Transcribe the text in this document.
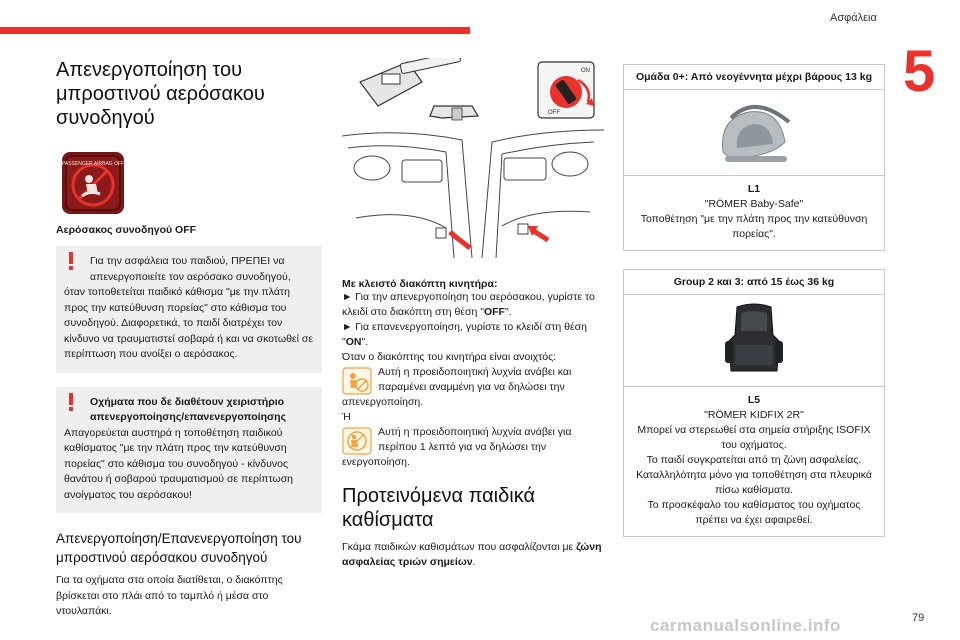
Ασφάλεια
5
Απενεργοποίηση του μπροστινού αερόσακου συνοδηγού
PASSENGER AIRBAG OFF
Αερόσακος συνοδηγού OFF
Για την ασφάλεια του παιδιού, ΠΡΕΠΕΙ να απενεργοποιείτε τον αερόσακο συνοδηγού,
όταν τοποθετείται παιδικό κάθισμα "με την πλάτη προς την κατεύθυνση πορείας" στο κάθισμα του συνοδηγού. Διαφορετικά, το παιδί διατρέχει τον κίνδυνο να τραυματιστεί σοβαρά ή και να σκοτωθεί σε περίπτωση που ανοίξει ο αερόσακος.
Οχήματα που δε διαθέτουν χειριστήριο απενεργοποίησης/επανενεργοποίησης
Απαγορεύεται αυστηρά η τοποθέτηση παιδικού καθίσματος "με την πλάτη προς την κατεύθυνση πορείας" στο κάθισμα του συνοδηγού - κίνδυνος θανάτου ή σοβαρού τραυματισμού σε περίπτωση ανοίγματος του αερόσακου!
Απενεργοποίηση/Επανενεργοποίηση του μπροστινού αερόσακου συνοδηγού

Για τα οχήματα στα οποία διατίθεται, ο διακόπτης βρίσκεται στο πλάι από το ταμπλό ή μέσα στο ντουλαπάκι.

ON
OFF
Με κλειστό διακόπτη κινητήρα:
► Για την απενεργοποίηση του αερόσακου, γυρίστε το κλειδί στο διακόπτη στη θέση "OFF".
► Για επανενεργοποίηση, γυρίστε το κλειδί στη θέση "ON".
Όταν ο διακόπτης του κινητήρα είναι ανοιχτός:
Αυτή η προειδοποιητική λυχνία ανάβει και παραμένει αναμμένη για να δηλώσει την
απενεργοποίηση.
Ή
Αυτή η προειδοποιητική λυχνία ανάβει για περίπου 1 λεπτό για να δηλώσει την
ενεργοποίηση.
Προτεινόμενα παιδικά καθίσματα
Γκάμα παιδικών καθισμάτων που ασφαλίζονται με ζώνη ασφαλείας τριών σημείων.
Ομάδα 0+: Από νεογέννητα μέχρι βάρους 13 kg
L1
"RÖMER Baby-Safe"
Τοποθέτηση "με την πλάτη προς την κατεύθυνση πορείας".
Group 2 και 3: από 15 έως 36 kg
L5
"RÖMER KIDFIX 2R"
Μπορεί να στερεωθεί στα σημεία στήριξης ISOFIX του οχήματος.
Το παιδί συγκρατείται από τη ζώνη ασφαλείας.
Καταλληλότητα μόνο για τοποθέτηση στα πλευρικά πίσω καθίσματα.
Το προσκέφαλο του καθίσματος του οχήματος πρέπει να έχει αφαιρεθεί.
carmanualsonline.info	79
